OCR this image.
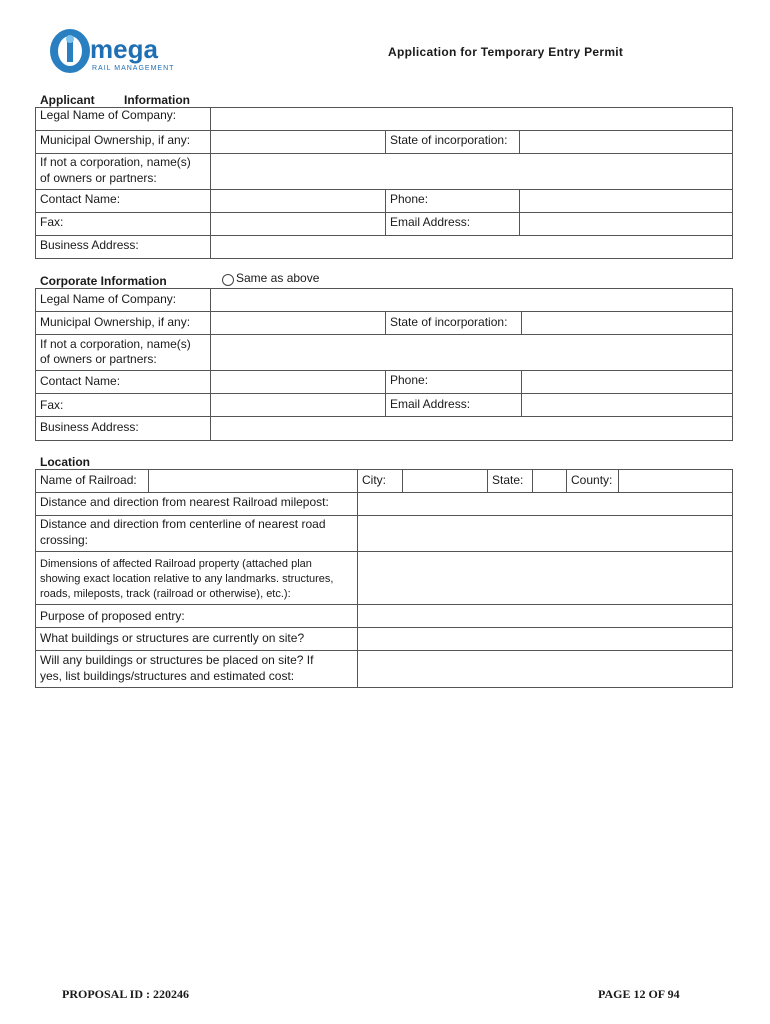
mega
RAIL MANAGEMENT
Application for Temporary Entry Permit
Applicant Information
Legal Name of Company:
Municipal Ownership, if any:	State of incorporation:
If not a corporation, name(s)
of owners or partners:
Contact Name:	Phone:
Fax:	Email Address:
Business Address:
Corporate Information	Same as above
Legal Name of Company:
Municipal Ownership, if any:	State of incorporation:
If not a corporation, name(s)
of owners or partners:
Contact Name:	Phone:
Fax:	Email Address:
Business Address:
Location
Name of Railroad:	City:	State:	County:
Distance and direction from nearest Railroad milepost:
Distance and direction from centerline of nearest road
crossing:
Dimensions of affected Railroad property (attached plan
showing exact location relative to any landmarks. structures,
roads, mileposts, track (railroad or otherwise), etc.):
Purpose of proposed entry:
What buildings or structures are currently on site?
Will any buildings or structures be placed on site? If
yes, list buildings/structures and estimated cost:
PROPOSAL ID : 220246	PAGE 12 OF 94
